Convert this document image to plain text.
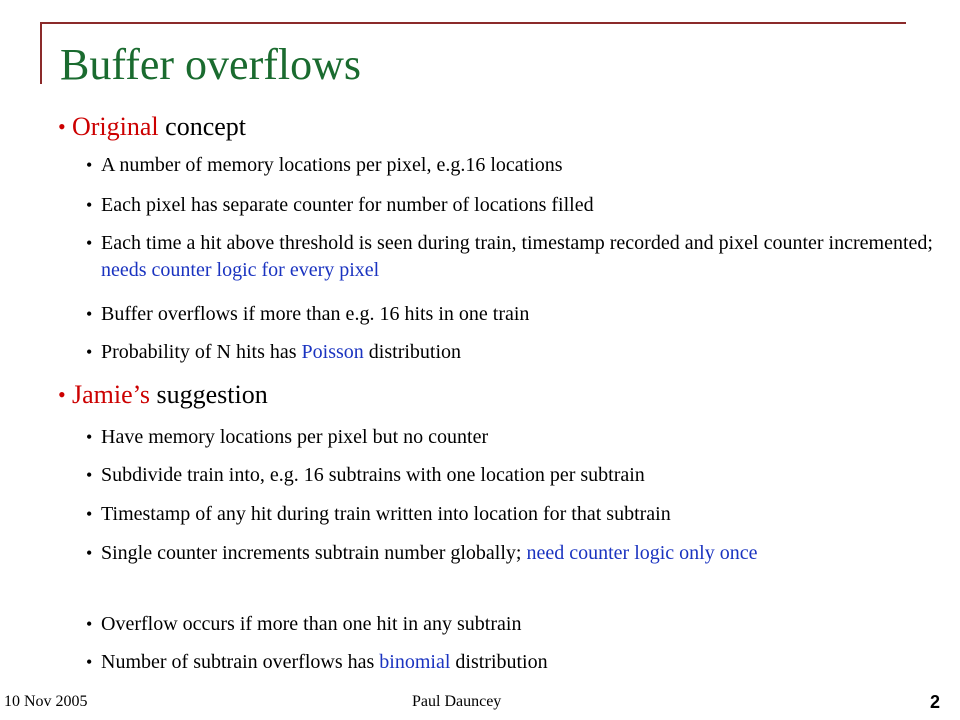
Buffer overflows
• Original concept
• A number of memory locations per pixel, e.g.16 locations
• Each pixel has separate counter for number of locations filled
• Each time a hit above threshold is seen during train, timestamp recorded and pixel counter incremented; needs counter logic for every pixel
• Buffer overflows if more than e.g. 16 hits in one train
• Probability of N hits has Poisson distribution
• Jamie’s suggestion
• Have memory locations per pixel but no counter
• Subdivide train into, e.g. 16 subtrains with one location per subtrain
• Timestamp of any hit during train written into location for that subtrain
• Single counter increments subtrain number globally; need counter logic only once
• Overflow occurs if more than one hit in any subtrain
• Number of subtrain overflows has binomial distribution
10 Nov 2005	Paul Dauncey	2
